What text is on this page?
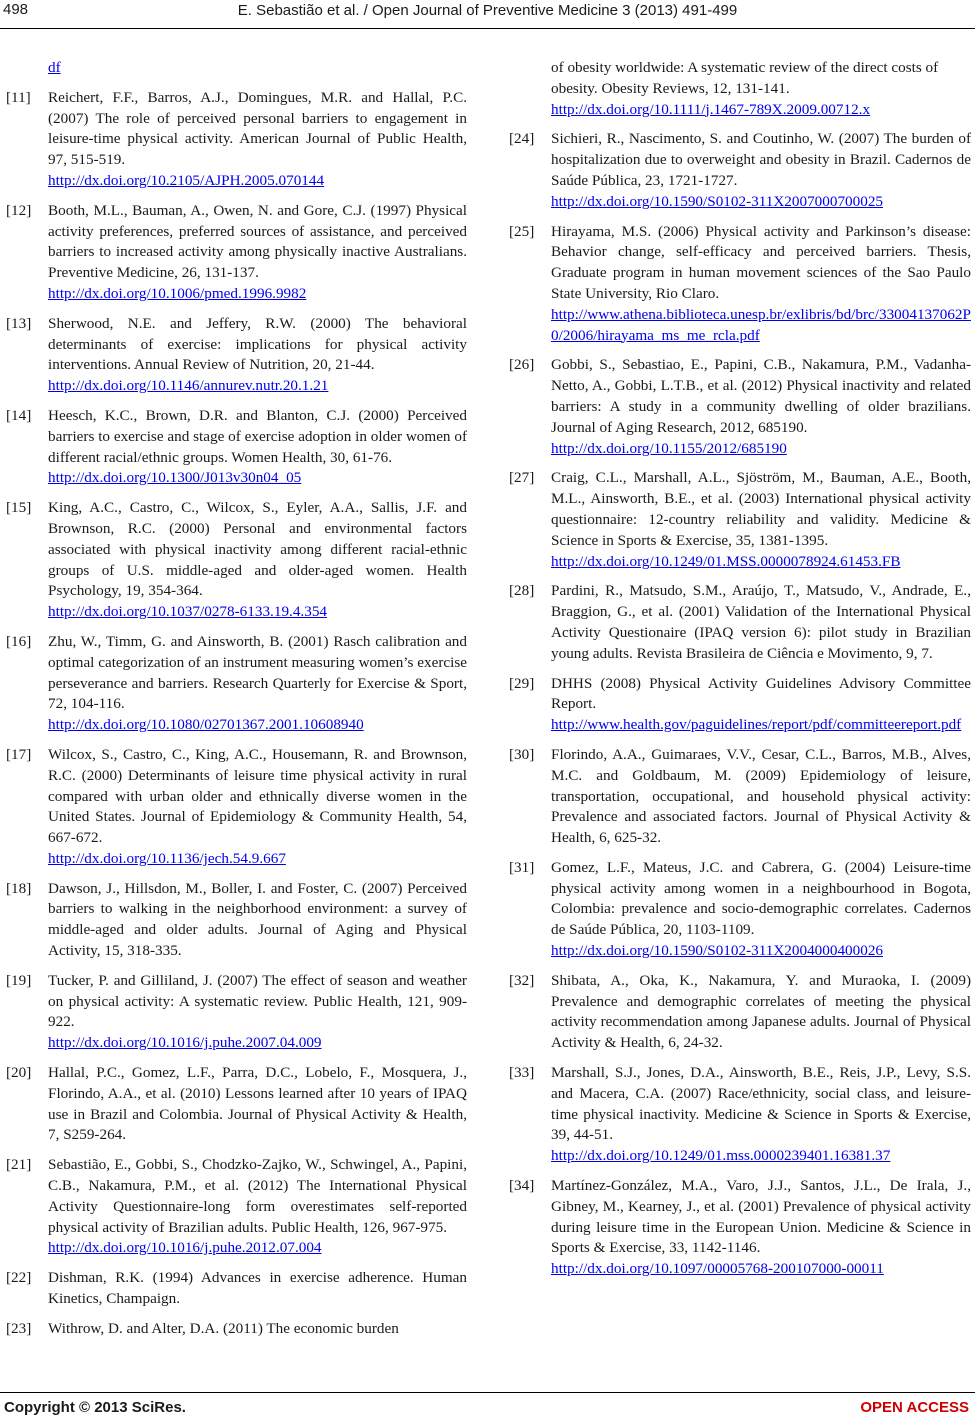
498	E. Sebastião et al. / Open Journal of Preventive Medicine 3 (2013) 491-499
df
[11] Reichert, F.F., Barros, A.J., Domingues, M.R. and Hallal, P.C. (2007) The role of perceived personal barriers to engagement in leisure-time physical activity. American Journal of Public Health, 97, 515-519.
http://dx.doi.org/10.2105/AJPH.2005.070144
[12] Booth, M.L., Bauman, A., Owen, N. and Gore, C.J. (1997) Physical activity preferences, preferred sources of assistance, and perceived barriers to increased activity among physically inactive Australians. Preventive Medicine, 26, 131-137.
http://dx.doi.org/10.1006/pmed.1996.9982
[13] Sherwood, N.E. and Jeffery, R.W. (2000) The behavioral determinants of exercise: implications for physical activity interventions. Annual Review of Nutrition, 20, 21-44.
http://dx.doi.org/10.1146/annurev.nutr.20.1.21
[14] Heesch, K.C., Brown, D.R. and Blanton, C.J. (2000) Perceived barriers to exercise and stage of exercise adoption in older women of different racial/ethnic groups. Women Health, 30, 61-76.
http://dx.doi.org/10.1300/J013v30n04_05
[15] King, A.C., Castro, C., Wilcox, S., Eyler, A.A., Sallis, J.F. and Brownson, R.C. (2000) Personal and environmental factors associated with physical inactivity among different racial-ethnic groups of U.S. middle-aged and older-aged women. Health Psychology, 19, 354-364.
http://dx.doi.org/10.1037/0278-6133.19.4.354
[16] Zhu, W., Timm, G. and Ainsworth, B. (2001) Rasch calibration and optimal categorization of an instrument measuring women’s exercise perseverance and barriers. Research Quarterly for Exercise & Sport, 72, 104-116.
http://dx.doi.org/10.1080/02701367.2001.10608940
[17] Wilcox, S., Castro, C., King, A.C., Housemann, R. and Brownson, R.C. (2000) Determinants of leisure time physical activity in rural compared with urban older and ethnically diverse women in the United States. Journal of Epidemiology & Community Health, 54, 667-672.
http://dx.doi.org/10.1136/jech.54.9.667
[18] Dawson, J., Hillsdon, M., Boller, I. and Foster, C. (2007) Perceived barriers to walking in the neighborhood environment: a survey of middle-aged and older adults. Journal of Aging and Physical Activity, 15, 318-335.
[19] Tucker, P. and Gilliland, J. (2007) The effect of season and weather on physical activity: A systematic review. Public Health, 121, 909-922.
http://dx.doi.org/10.1016/j.puhe.2007.04.009
[20] Hallal, P.C., Gomez, L.F., Parra, D.C., Lobelo, F., Mosquera, J., Florindo, A.A., et al. (2010) Lessons learned after 10 years of IPAQ use in Brazil and Colombia. Journal of Physical Activity & Health, 7, S259-264.
[21] Sebastião, E., Gobbi, S., Chodzko-Zajko, W., Schwingel, A., Papini, C.B., Nakamura, P.M., et al. (2012) The International Physical Activity Questionnaire-long form overestimates self-reported physical activity of Brazilian adults. Public Health, 126, 967-975.
http://dx.doi.org/10.1016/j.puhe.2012.07.004
[22] Dishman, R.K. (1994) Advances in exercise adherence. Human Kinetics, Champaign.
[23] Withrow, D. and Alter, D.A. (2011) The economic burden
of obesity worldwide: A systematic review of the direct costs of obesity. Obesity Reviews, 12, 131-141.
http://dx.doi.org/10.1111/j.1467-789X.2009.00712.x
[24] Sichieri, R., Nascimento, S. and Coutinho, W. (2007) The burden of hospitalization due to overweight and obesity in Brazil. Cadernos de Saúde Pública, 23, 1721-1727.
http://dx.doi.org/10.1590/S0102-311X2007000700025
[25] Hirayama, M.S. (2006) Physical activity and Parkinson’s disease: Behavior change, self-efficacy and perceived barriers. Thesis, Graduate program in human movement sciences of the Sao Paulo State University, Rio Claro.
http://www.athena.biblioteca.unesp.br/exlibris/bd/brc/33004137062P0/2006/hirayama_ms_me_rcla.pdf
[26] Gobbi, S., Sebastiao, E., Papini, C.B., Nakamura, P.M., Vadanha-Netto, A., Gobbi, L.T.B., et al. (2012) Physical inactivity and related barriers: A study in a community dwelling of older brazilians. Journal of Aging Research, 2012, 685190.
http://dx.doi.org/10.1155/2012/685190
[27] Craig, C.L., Marshall, A.L., Sjöström, M., Bauman, A.E., Booth, M.L., Ainsworth, B.E., et al. (2003) International physical activity questionnaire: 12-country reliability and validity. Medicine & Science in Sports & Exercise, 35, 1381-1395.
http://dx.doi.org/10.1249/01.MSS.0000078924.61453.FB
[28] Pardini, R., Matsudo, S.M., Araújo, T., Matsudo, V., Andrade, E., Braggion, G., et al. (2001) Validation of the International Physical Activity Questionaire (IPAQ version 6): pilot study in Brazilian young adults. Revista Brasileira de Ciência e Movimento, 9, 7.
[29] DHHS (2008) Physical Activity Guidelines Advisory Committee Report.
http://www.health.gov/paguidelines/report/pdf/committeereport.pdf
[30] Florindo, A.A., Guimaraes, V.V., Cesar, C.L., Barros, M.B., Alves, M.C. and Goldbaum, M. (2009) Epidemiology of leisure, transportation, occupational, and household physical activity: Prevalence and associated factors. Journal of Physical Activity & Health, 6, 625-32.
[31] Gomez, L.F., Mateus, J.C. and Cabrera, G. (2004) Leisure-time physical activity among women in a neighbourhood in Bogota, Colombia: prevalence and socio-demographic correlates. Cadernos de Saúde Pública, 20, 1103-1109.
http://dx.doi.org/10.1590/S0102-311X2004000400026
[32] Shibata, A., Oka, K., Nakamura, Y. and Muraoka, I. (2009) Prevalence and demographic correlates of meeting the physical activity recommendation among Japanese adults. Journal of Physical Activity & Health, 6, 24-32.
[33] Marshall, S.J., Jones, D.A., Ainsworth, B.E., Reis, J.P., Levy, S.S. and Macera, C.A. (2007) Race/ethnicity, social class, and leisure-time physical inactivity. Medicine & Science in Sports & Exercise, 39, 44-51.
http://dx.doi.org/10.1249/01.mss.0000239401.16381.37
[34] Martínez-González, M.A., Varo, J.J., Santos, J.L., De Irala, J., Gibney, M., Kearney, J., et al. (2001) Prevalence of physical activity during leisure time in the European Union. Medicine & Science in Sports & Exercise, 33, 1142-1146.
http://dx.doi.org/10.1097/00005768-200107000-00011
Copyright © 2013 SciRes.	OPEN ACCESS
